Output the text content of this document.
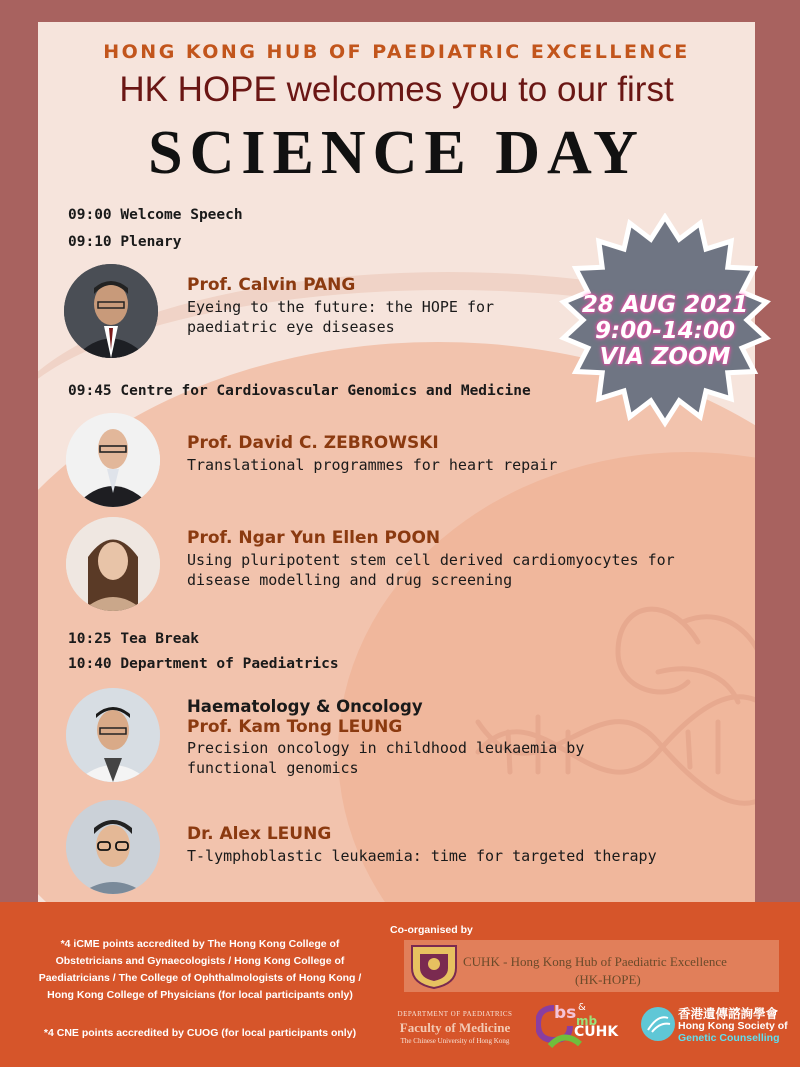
HONG KONG HUB OF PAEDIATRIC EXCELLENCE
HK HOPE welcomes you to our first
SCIENCE DAY
28 AUG 2021
9:00-14:00
VIA ZOOM
09:00 Welcome Speech
09:10 Plenary
Prof. Calvin PANG
Eyeing to the future: the HOPE for
paediatric eye diseases
09:45 Centre for Cardiovascular Genomics and Medicine
Prof. David C. ZEBROWSKI
Translational programmes for heart repair
Prof. Ngar Yun Ellen POON
Using pluripotent stem cell derived cardiomyocytes for
disease modelling and drug screening
10:25 Tea Break
10:40 Department of Paediatrics
Haematology & Oncology
Prof. Kam Tong LEUNG
Precision oncology in childhood leukaemia by
functional genomics
Dr. Alex LEUNG
T-lymphoblastic leukaemia: time for targeted therapy
*4 iCME points accredited by The Hong Kong College of
Obstetricians and Gynaecologists / Hong Kong College of
Paediatricians / The College of Ophthalmologists of Hong Kong /
Hong Kong College of Physicians (for local participants only)
*4 CNE points accredited by CUOG (for local participants only)
Co-organised by
CUHK - Hong Kong Hub of Paediatric Excellence
(HK-HOPE)
DEPARTMENT OF PAEDIATRICS
Faculty of Medicine
The Chinese University of Hong Kong
bs &
mb
CUHK
香港遺傳諮詢學會
Hong Kong Society of
Genetic Counselling
